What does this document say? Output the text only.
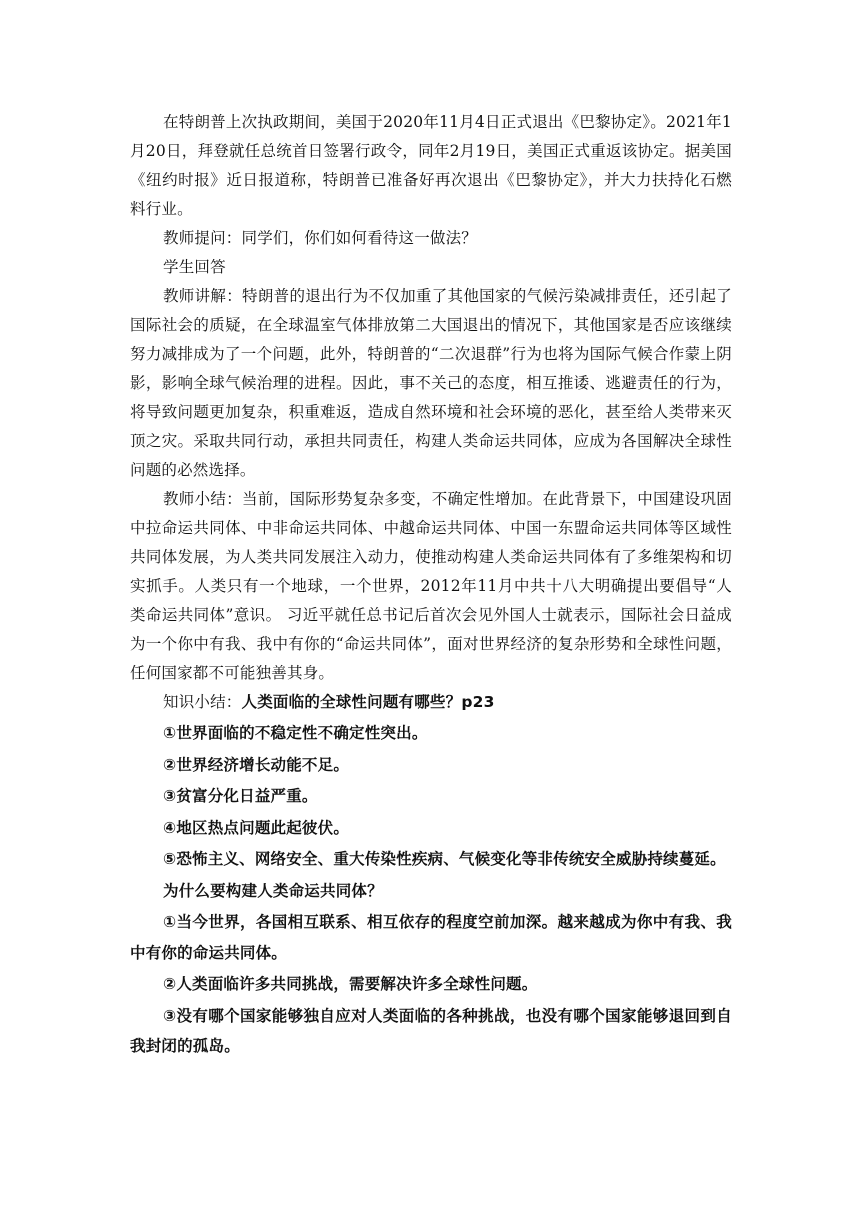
在特朗普上次执政期间，美国于2020年11月4日正式退出《巴黎协定》。2021年1月20日，拜登就任总统首日签署行政令，同年2月19日，美国正式重返该协定。据美国《纽约时报》近日报道称，特朗普已准备好再次退出《巴黎协定》，并大力扶持化石燃料行业。

教师提问：同学们，你们如何看待这一做法？

学生回答

教师讲解：特朗普的退出行为不仅加重了其他国家的气候污染减排责任，还引起了国际社会的质疑，在全球温室气体排放第二大国退出的情况下，其他国家是否应该继续努力减排成为了一个问题，此外，特朗普的“二次退群”行为也将为国际气候合作蒙上阴影，影响全球气候治理的进程。因此，事不关己的态度，相互推诿、逃避责任的行为，将导致问题更加复杂，积重难返，造成自然环境和社会环境的恶化，甚至给人类带来灭顶之灾。采取共同行动，承担共同责任，构建人类命运共同体，应成为各国解决全球性问题的必然选择。

教师小结：当前，国际形势复杂多变，不确定性增加。在此背景下，中国建设巩固中拉命运共同体、中非命运共同体、中越命运共同体、中国一东盟命运共同体等区域性共同体发展，为人类共同发展注入动力，使推动构建人类命运共同体有了多维架构和切实抓手。人类只有一个地球，一个世界，2012年11月中共十八大明确提出要倡导“人类命运共同体”意识。 习近平就任总书记后首次会见外国人士就表示，国际社会日益成为一个你中有我、我中有你的“命运共同体”，面对世界经济的复杂形势和全球性问题，任何国家都不可能独善其身。

知识小结：人类面临的全球性问题有哪些？p23

①世界面临的不稳定性不确定性突出。

②世界经济增长动能不足。

③贫富分化日益严重。

④地区热点问题此起彼伏。

⑤恐怖主义、网络安全、重大传染性疾病、气候变化等非传统安全威胁持续蔓延。

为什么要构建人类命运共同体？

①当今世界，各国相互联系、相互依存的程度空前加深。越来越成为你中有我、我中有你的命运共同体。

②人类面临许多共同挑战，需要解决许多全球性问题。

③没有哪个国家能够独自应对人类面临的各种挑战，也没有哪个国家能够退回到自我封闭的孤岛。
